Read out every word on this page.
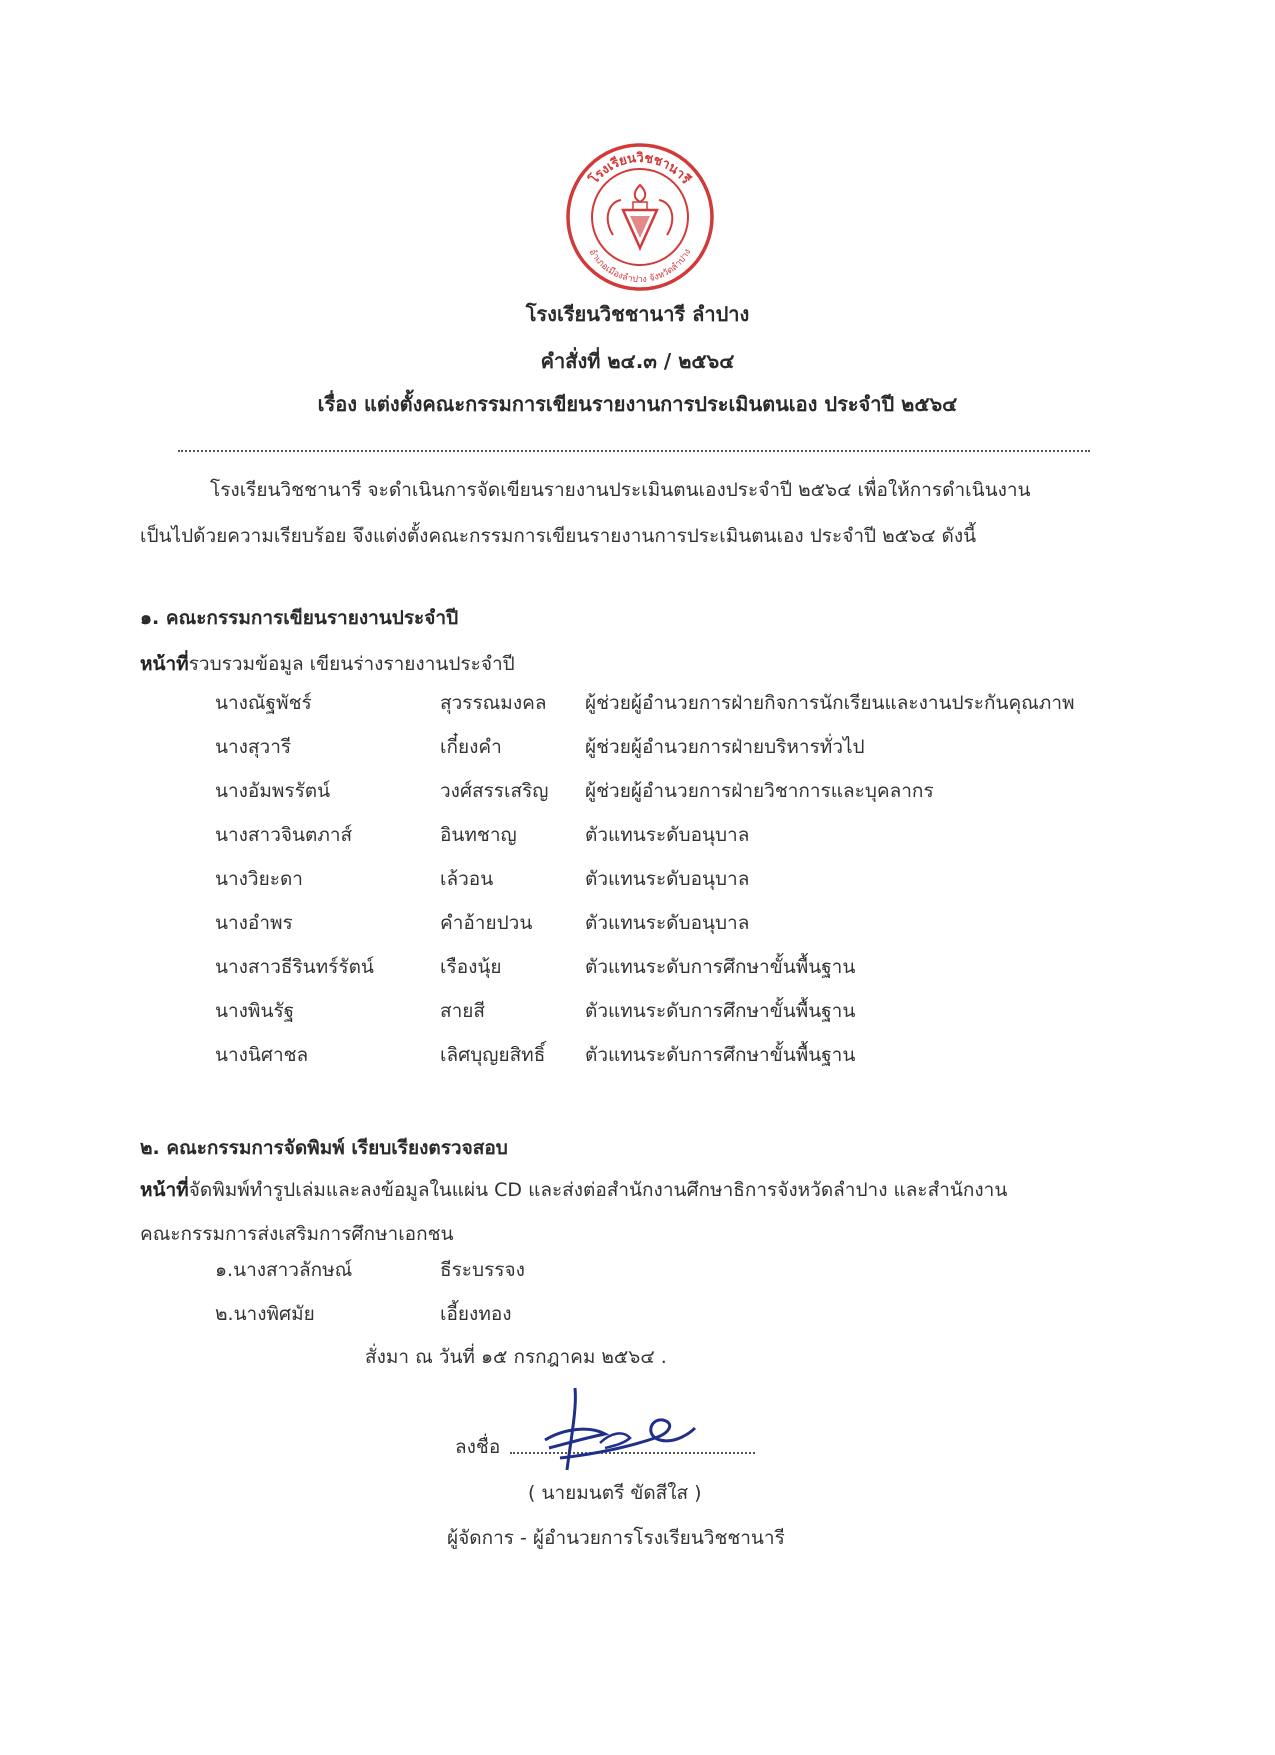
โรงเรียนวิชชานารี
อำเภอเมืองลำปาง จังหวัดลำปาง
โรงเรียนวิชชานารี ลำปาง
คำสั่งที่ ๒๔.๓ / ๒๕๖๔
เรื่อง แต่งตั้งคณะกรรมการเขียนรายงานการประเมินตนเอง ประจำปี ๒๕๖๔
โรงเรียนวิชชานารี จะดำเนินการจัดเขียนรายงานประเมินตนเองประจำปี ๒๕๖๔ เพื่อให้การดำเนินงาน
เป็นไปด้วยความเรียบร้อย จึงแต่งตั้งคณะกรรมการเขียนรายงานการประเมินตนเอง ประจำปี ๒๕๖๔ ดังนี้
๑. คณะกรรมการเขียนรายงานประจำปี
หน้าที่รวบรวมข้อมูล เขียนร่างรายงานประจำปี
นางณัฐพัชร์	สุวรรณมงคล ผู้ช่วยผู้อำนวยการฝ่ายกิจการนักเรียนและงานประกันคุณภาพ
นางสุวารี	เกี๋ยงคำ	ผู้ช่วยผู้อำนวยการฝ่ายบริหารทั่วไป
นางอัมพรรัตน์	วงศ์สรรเสริญ ผู้ช่วยผู้อำนวยการฝ่ายวิชาการและบุคลากร
นางสาวจินตภาส์	อินทชาญ	ตัวแทนระดับอนุบาล
นางวิยะดา	เล้วอน	ตัวแทนระดับอนุบาล
นางอำพร	คำอ้ายปวน	ตัวแทนระดับอนุบาล
นางสาวธีรินทร์รัตน์	เรืองนุ้ย	ตัวแทนระดับการศึกษาขั้นพื้นฐาน
นางพินรัฐ	สายสี	ตัวแทนระดับการศึกษาขั้นพื้นฐาน
นางนิศาชล	เลิศบุญยสิทธิ์ ตัวแทนระดับการศึกษาขั้นพื้นฐาน
๒. คณะกรรมการจัดพิมพ์ เรียบเรียงตรวจสอบ
หน้าที่จัดพิมพ์ทำรูปเล่มและลงข้อมูลในแผ่น CD และส่งต่อสำนักงานศึกษาธิการจังหวัดลำปาง และสำนักงาน
คณะกรรมการส่งเสริมการศึกษาเอกชน
๑.นางสาวลักษณ์	ธีระบรรจง
๒.นางพิศมัย	เอี้ยงทอง
สั่งมา ณ วันที่ ๑๕ กรกฎาคม ๒๕๖๔ .
ลงชื่อ
( นายมนตรี ขัดสีใส )
ผู้จัดการ - ผู้อำนวยการโรงเรียนวิชชานารี
